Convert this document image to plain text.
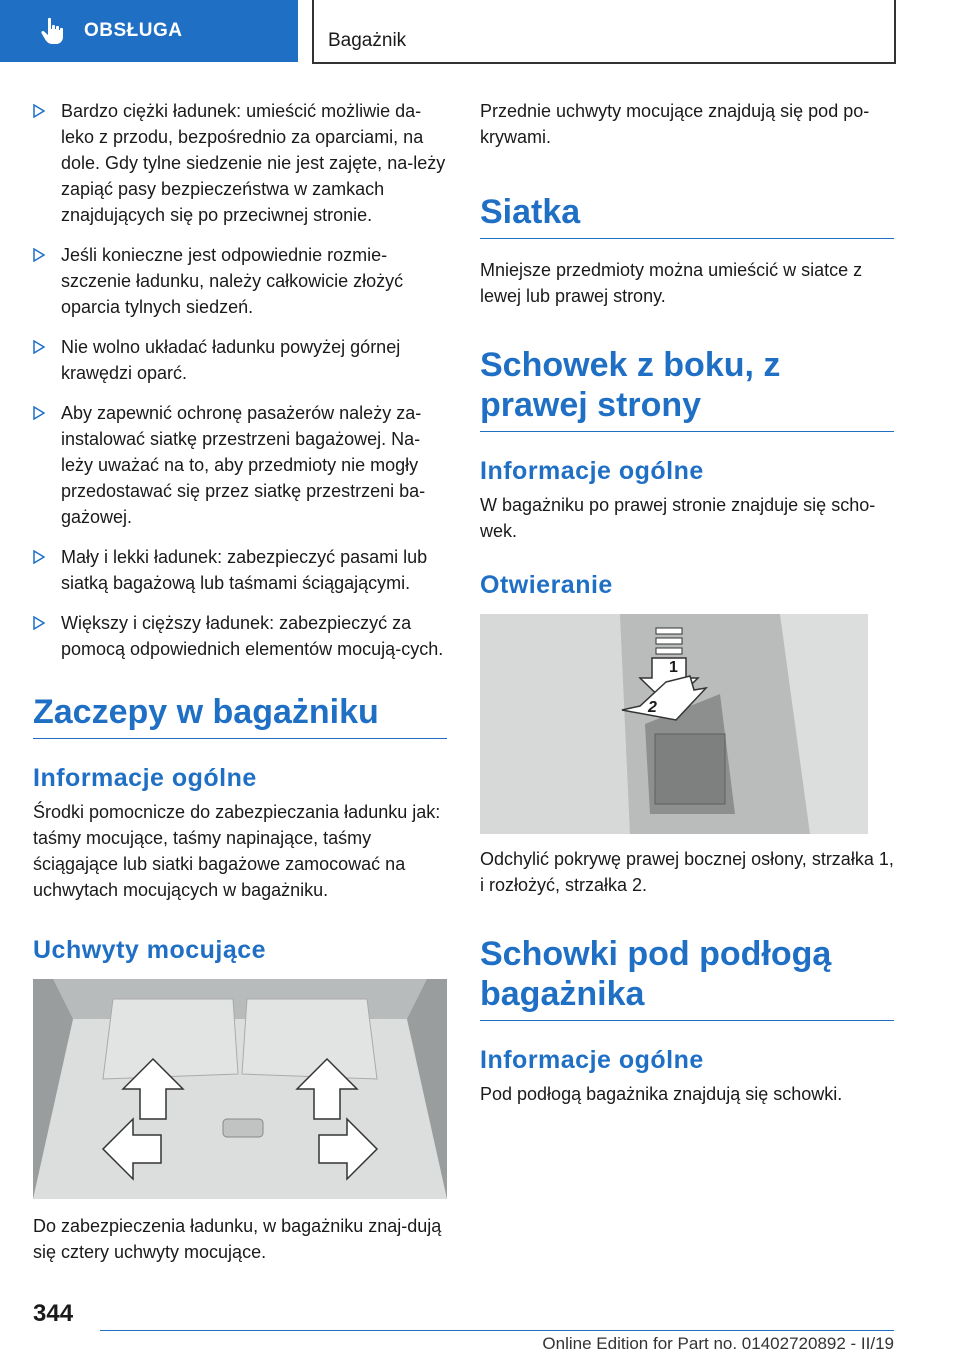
OBSŁUGA	Bagażnik
Bardzo ciężki ładunek: umieścić możliwie da-leko z przodu, bezpośrednio za oparciami, na dole. Gdy tylne siedzenie nie jest zajęte, na-leży zapiąć pasy bezpieczeństwa w zamkach znajdujących się po przeciwnej stronie.
Jeśli konieczne jest odpowiednie rozmie-szczenie ładunku, należy całkowicie złożyć oparcia tylnych siedzeń.
Nie wolno układać ładunku powyżej górnej krawędzi oparć.
Aby zapewnić ochronę pasażerów należy za-instalować siatkę przestrzeni bagażowej. Na-leży uważać na to, aby przedmioty nie mogły przedostawać się przez siatkę przestrzeni ba-gażowej.
Mały i lekki ładunek: zabezpieczyć pasami lub siatką bagażową lub taśmami ściągającymi.
Większy i cięższy ładunek: zabezpieczyć za pomocą odpowiednich elementów mocują-cych.
Zaczepy w bagażniku
Informacje ogólne

Środki pomocnicze do zabezpieczania ładunku jak: taśmy mocujące, taśmy napinające, taśmy ściągające lub siatki bagażowe zamocować na uchwytach mocujących w bagażniku.

Uchwyty mocujące

Do zabezpieczenia ładunku, w bagażniku znaj-dują się cztery uchwyty mocujące.

Przednie uchwyty mocujące znajdują się pod po-krywami.

Siatka

Mniejsze przedmioty można umieścić w siatce z lewej lub prawej strony.

Schowek z boku, z prawej strony
Informacje ogólne

W bagażniku po prawej stronie znajduje się scho-wek.

Otwieranie
1
2

Odchylić pokrywę prawej bocznej osłony, strzałka 1, i rozłożyć, strzałka 2.

Schowki pod podłogą bagażnika
Informacje ogólne

Pod podłogą bagażnika znajdują się schowki.

344
Online Edition for Part no. 01402720892 - II/19
